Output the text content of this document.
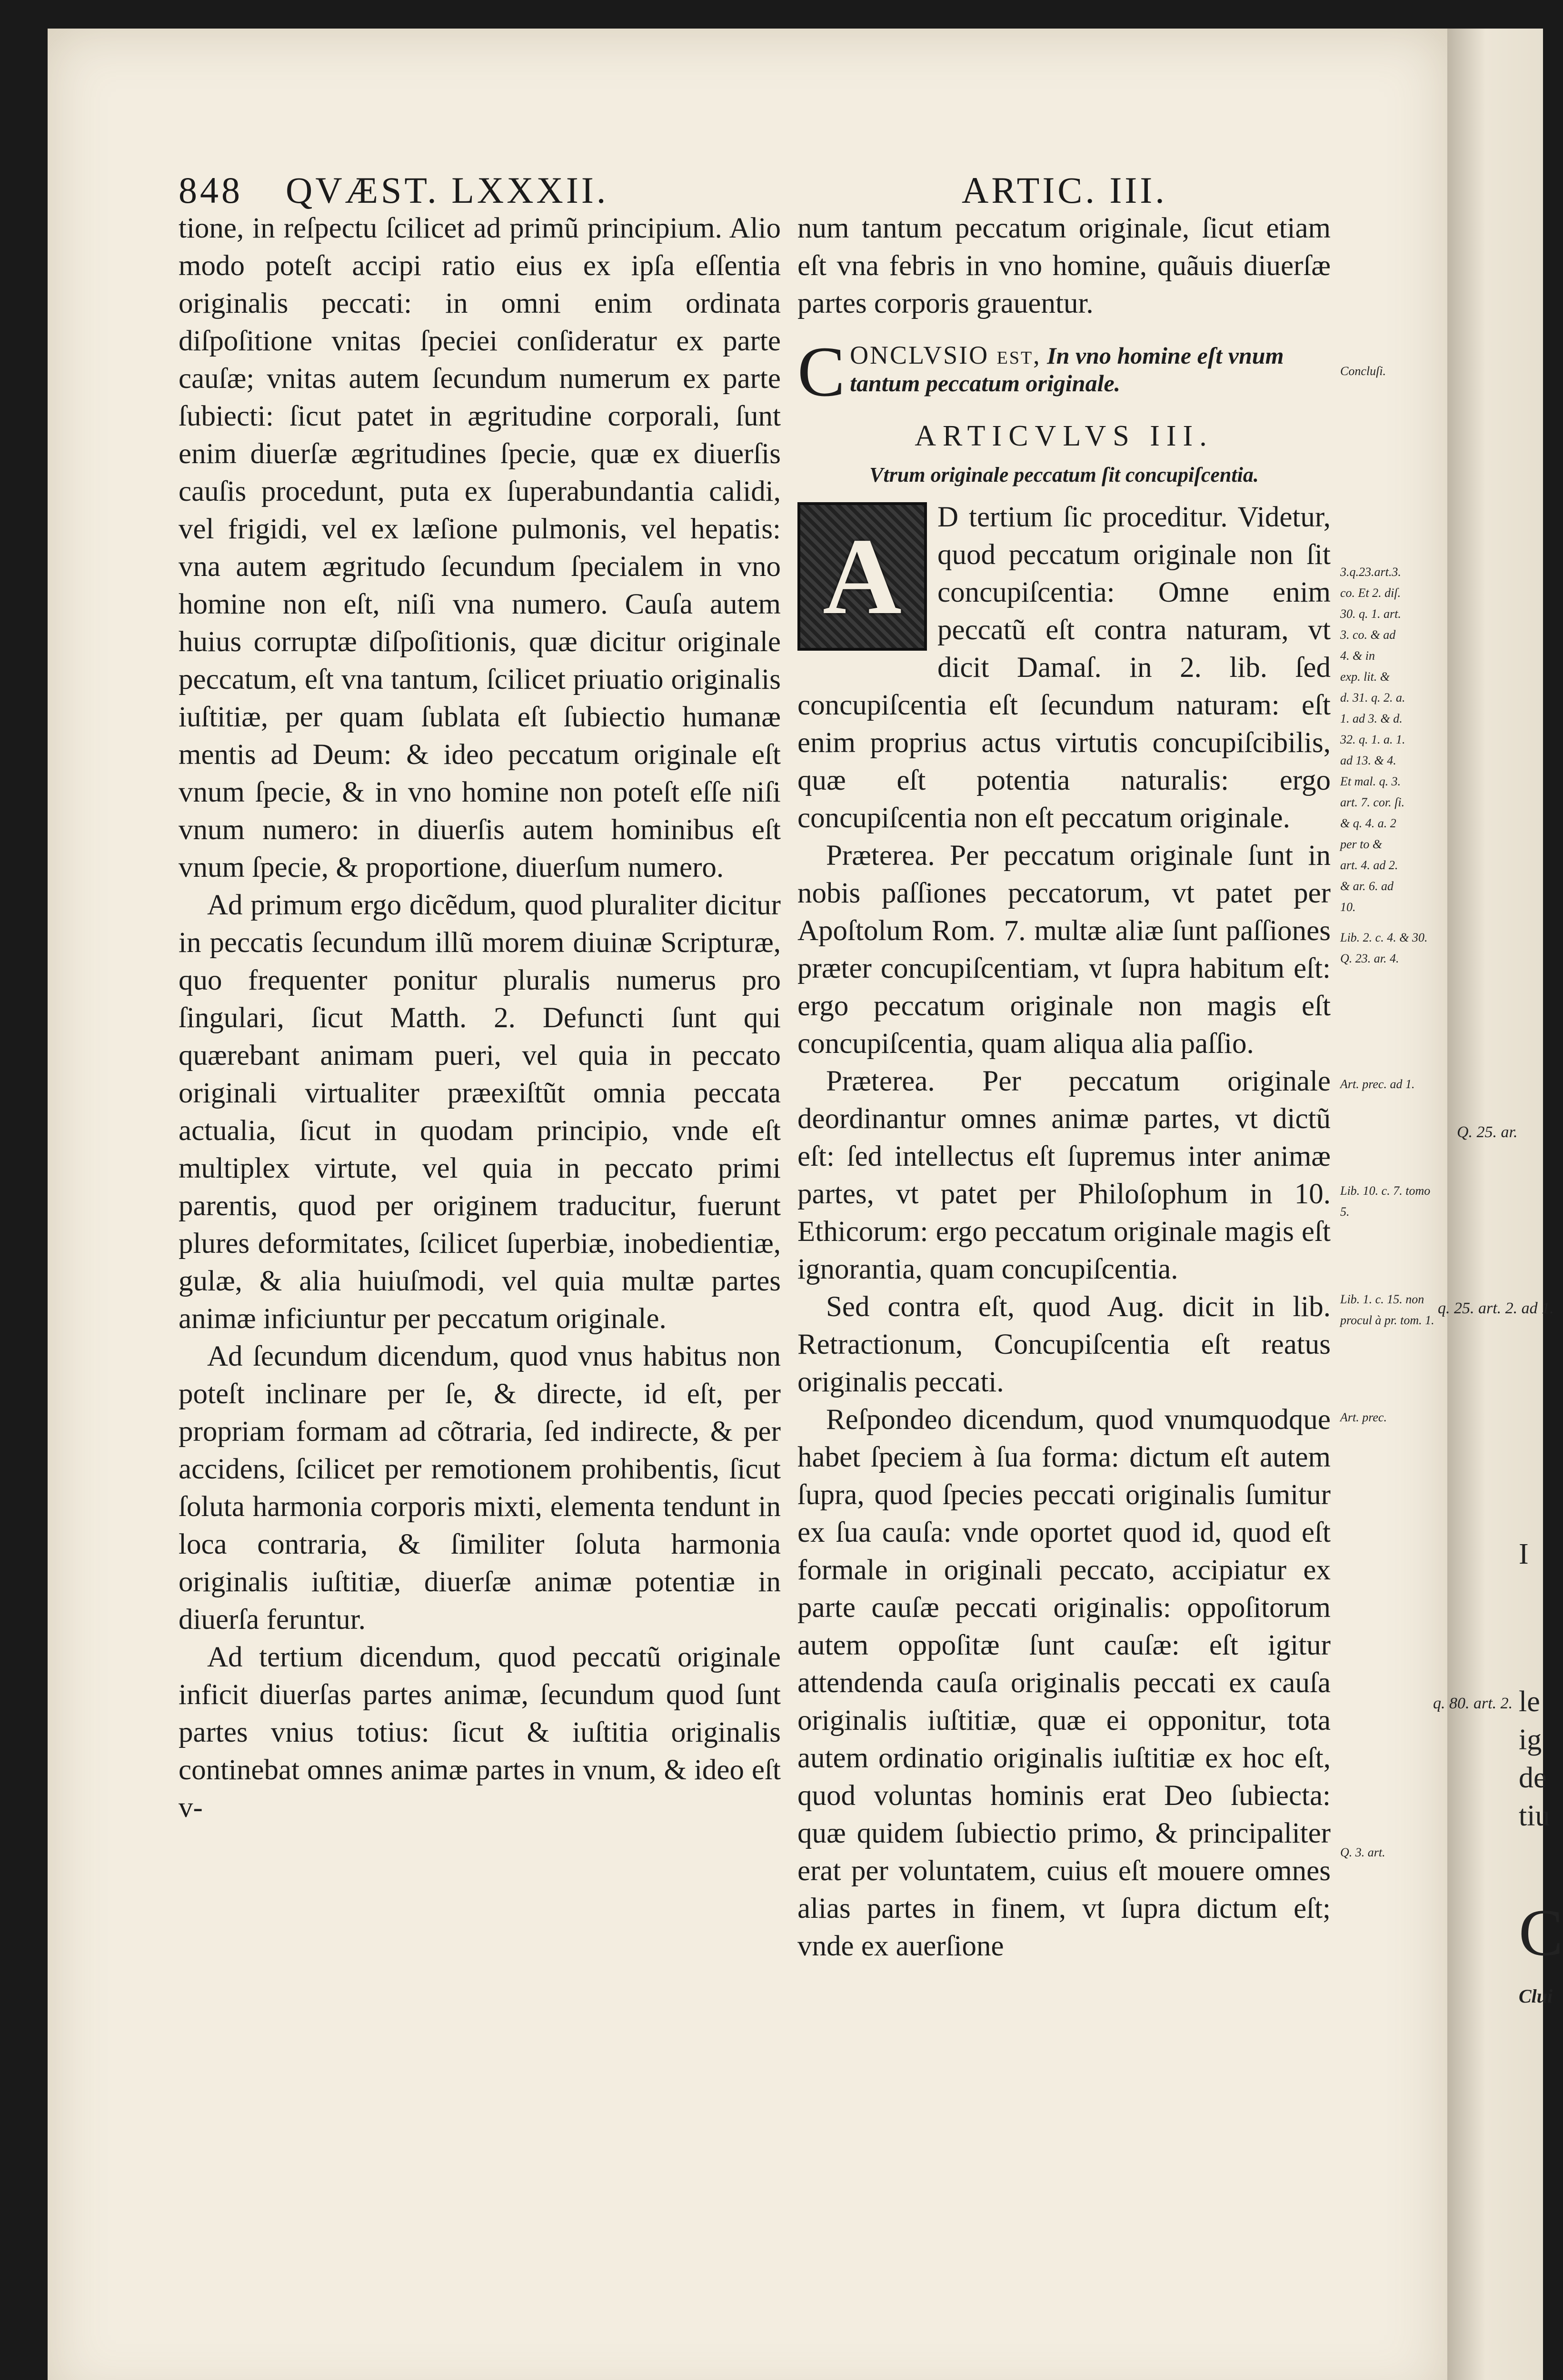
Q. 25. ar.
q. 25. art. 2. ad 1.
q. 80. art. 2.
I
le
ig
de
tiu
C
Clui
848 QVÆST. LXXXII.	ARTIC. III.

tione, in reſpectu ſcilicet ad primũ principium. Alio modo poteſt accipi ratio eius ex ipſa eſſentia originalis peccati: in omni enim ordinata diſpoſitione vnitas ſpeciei conſideratur ex parte cauſæ; vnitas autem ſecundum numerum ex parte ſubiecti: ſicut patet in ægritudine corporali, ſunt enim diuerſæ ægritudines ſpecie, quæ ex diuerſis cauſis procedunt, puta ex ſuperabundantia calidi, vel frigidi, vel ex læſione pulmonis, vel hepatis: vna autem ægritudo ſecundum ſpecialem in vno homine non eſt, niſi vna numero. Cauſa autem huius corruptæ diſpoſitionis, quæ dicitur originale peccatum, eſt vna tantum, ſcilicet priuatio originalis iuſtitiæ, per quam ſublata eſt ſubiectio humanæ mentis ad Deum: & ideo peccatum originale eſt vnum ſpecie, & in vno homine non poteſt eſſe niſi vnum numero: in diuerſis autem hominibus eſt vnum ſpecie, & proportione, diuerſum numero.

Ad primum ergo dicẽdum, quod pluraliter dicitur in peccatis ſecundum illũ morem diuinæ Scripturæ, quo frequenter ponitur pluralis numerus pro ſingulari, ſicut Matth. 2. Defuncti ſunt qui quærebant animam pueri, vel quia in peccato originali virtualiter præexiſtũt omnia peccata actualia, ſicut in quodam principio, vnde eſt multiplex virtute, vel quia in peccato primi parentis, quod per originem traducitur, fuerunt plures deformitates, ſcilicet ſuperbiæ, inobedientiæ, gulæ, & alia huiuſmodi, vel quia multæ partes animæ inficiuntur per peccatum originale.

Ad ſecundum dicendum, quod vnus habitus non poteſt inclinare per ſe, & directe, id eſt, per propriam formam ad cõtraria, ſed indirecte, & per accidens, ſcilicet per remotionem prohibentis, ſicut ſoluta harmonia corporis mixti, elementa tendunt in loca contraria, & ſimiliter ſoluta harmonia originalis iuſtitiæ, diuerſæ animæ potentiæ in diuerſa feruntur.

Ad tertium dicendum, quod peccatũ originale inficit diuerſas partes animæ, ſecundum quod ſunt partes vnius totius: ſicut & iuſtitia originalis continebat omnes animæ partes in vnum, & ideo eſt v-

num tantum peccatum originale, ſicut etiam eſt vna febris in vno homine, quãuis diuerſæ partes corporis grauentur.

C ONCLVSIO eſt, In vno homine eſt vnum tantum peccatum originale.
ARTICVLVS III.
Vtrum originale peccatum ſit concupiſcentia.
A	D tertium ſic proceditur. Videtur, quod peccatum originale non ſit concupiſcentia: Omne enim peccatũ eſt contra naturam, vt dicit Damaſ. in 2. lib. ſed concupiſcentia eſt ſecundum naturam: eſt enim proprius actus virtutis concupiſcibilis, quæ eſt potentia naturalis: ergo concupiſcentia non eſt peccatum originale.

Præterea. Per peccatum originale ſunt in nobis paſſiones peccatorum, vt patet per Apoſtolum Rom. 7. multæ aliæ ſunt paſſiones præter concupiſcentiam, vt ſupra habitum eſt: ergo peccatum originale non magis eſt concupiſcentia, quam aliqua alia paſſio.

Præterea. Per peccatum originale deordinantur omnes animæ partes, vt dictũ eſt: ſed intellectus eſt ſupremus inter animæ partes, vt patet per Philoſophum in 10. Ethicorum: ergo peccatum originale magis eſt ignorantia, quam concupiſcentia.

Sed contra eſt, quod Aug. dicit in lib. Retractionum, Concupiſcentia eſt reatus originalis peccati.

Reſpondeo dicendum, quod vnumquodque habet ſpeciem à ſua forma: dictum eſt autem ſupra, quod ſpecies peccati originalis ſumitur ex ſua cauſa: vnde oportet quod id, quod eſt formale in originali peccato, accipiatur ex parte cauſæ peccati originalis: oppoſitorum autem oppoſitæ ſunt cauſæ: eſt igitur attendenda cauſa originalis peccati ex cauſa originalis iuſtitiæ, quæ ei opponitur, tota autem ordinatio originalis iuſtitiæ ex hoc eſt, quod voluntas hominis erat Deo ſubiecta: quæ quidem ſubiectio primo, & principaliter erat per voluntatem, cuius eſt mouere omnes alias partes in finem, vt ſupra dictum eſt; vnde ex auerſione

Concluſi.
3.q.23.art.3.
co. Et 2. diſ.
30. q. 1. art.
3. co. & ad
4. & in
exp. lit. &
d. 31. q. 2. a.
1. ad 3. & d.
32. q. 1. a. 1.
ad 13. & 4.
Et mal. q. 3.
art. 7. cor. ſi.
& q. 4. a. 2
per to &
art. 4. ad 2.
& ar. 6. ad
10.
Lib. 2. c. 4. & 30.
Q. 23. ar. 4.
Art. prec. ad 1.
Lib. 10. c. 7. tomo 5.
Lib. 1. c. 15. non procul à pr. tom. 1.
Art. prec.
Q. 3. art.
